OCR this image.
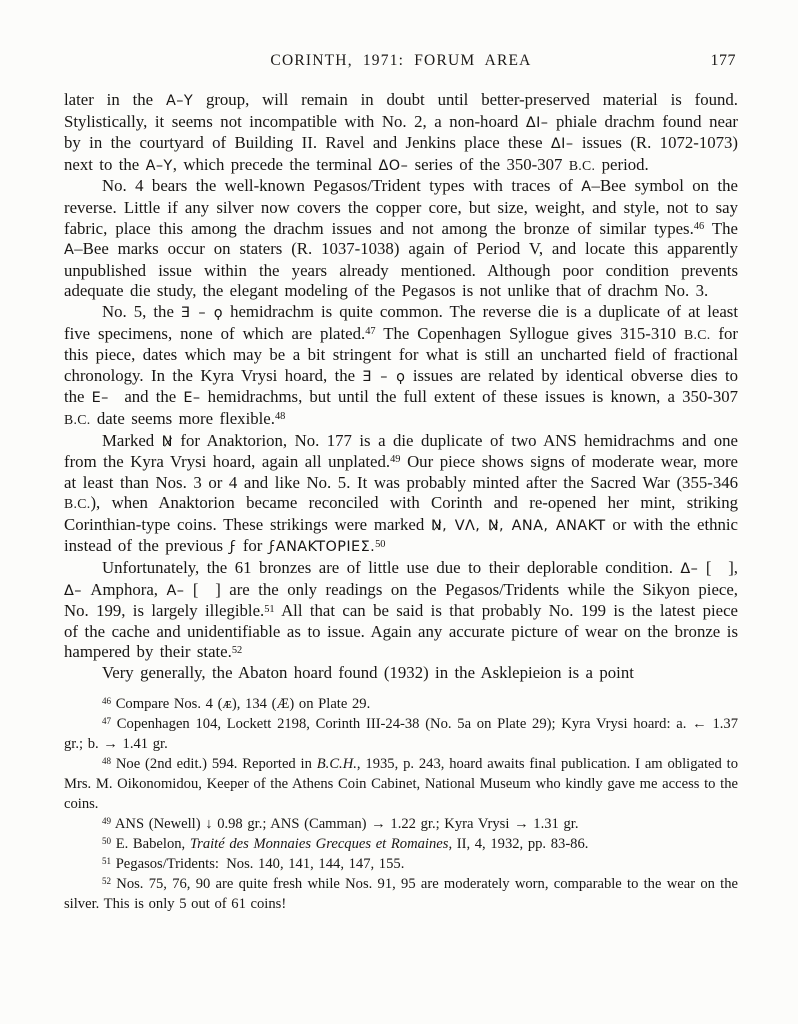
CORINTH, 1971: FORUM AREA	177

later in the A–Y group, will remain in doubt until better-preserved material is found. Stylistically, it seems not incompatible with No. 2, a non-hoard ΔΙ– phiale drachm found near by in the courtyard of Building II. Ravel and Jenkins place these ΔΙ– issues (R. 1072-1073) next to the A–Y, which precede the terminal ΔΟ– series of the 350-307 B.C. period.

No. 4 bears the well-known Pegasos/Trident types with traces of A–Bee symbol on the reverse. Little if any silver now covers the copper core, but size, weight, and style, not to say fabric, place this among the drachm issues and not among the bronze of similar types.$^{46}$ The A–Bee marks occur on staters (R. 1037-1038) again of Period V, and locate this apparently unpublished issue within the years already mentioned. Although poor condition prevents adequate die study, the elegant modeling of the Pegasos is not unlike that of drachm No. 3.

No. 5, the Ǝ – ϙ hemidrachm is quite common. The reverse die is a duplicate of at least five specimens, none of which are plated.$^{47}$ The Copenhagen Syllogue gives 315-310 B.C. for this piece, dates which may be a bit stringent for what is still an uncharted field of fractional chronology. In the Kyra Vrysi hoard, the Ǝ – ϙ issues are related by identical obverse dies to the E–  and the E– hemidrachms, but until the full extent of these issues is known, a 350-307 B.C. date seems more flexible.$^{48}$

Marked Ν̷ for Anaktorion, No. 177 is a die duplicate of two ANS hemidrachms and one from the Kyra Vrysi hoard, again all unplated.$^{49}$ Our piece shows signs of moderate wear, more at least than Nos. 3 or 4 and like No. 5. It was probably minted after the Sacred War (355-346 B.C.), when Anaktorion became reconciled with Corinth and re-opened her mint, striking Corinthian-type coins. These strikings were marked Ν̷, VΛ, Ν̷, ANA, ANAKT or with the ethnic instead of the previous ϝ for ϝANAKTOPIEΣ.$^{50}$

Unfortunately, the 61 bronzes are of little use due to their deplorable condition. Δ– [  ], Δ– Amphora, A– [  ] are the only readings on the Pegasos/Tridents while the Sikyon piece, No. 199, is largely illegible.$^{51}$ All that can be said is that probably No. 199 is the latest piece of the cache and unidentifiable as to issue. Again any accurate picture of wear on the bronze is hampered by their state.$^{52}$

Very generally, the Abaton hoard found (1932) in the Asklepieion is a point

$^{46}$ Compare Nos. 4 (ᴁ), 134 (Æ) on Plate 29.

$^{47}$ Copenhagen 104, Lockett 2198, Corinth III-24-38 (No. 5a on Plate 29); Kyra Vrysi hoard: a. ← 1.37 gr.; b. → 1.41 gr.

$^{48}$ Noe (2nd edit.) 594. Reported in B.C.H., 1935, p. 243, hoard awaits final publication. I am obligated to Mrs. M. Oikonomidou, Keeper of the Athens Coin Cabinet, National Museum who kindly gave me access to the coins.

$^{49}$ ANS (Newell) ↓ 0.98 gr.; ANS (Camman) → 1.22 gr.; Kyra Vrysi → 1.31 gr.

$^{50}$ E. Babelon, Traité des Monnaies Grecques et Romaines, II, 4, 1932, pp. 83-86.

$^{51}$ Pegasos/Tridents: Nos. 140, 141, 144, 147, 155.

$^{52}$ Nos. 75, 76, 90 are quite fresh while Nos. 91, 95 are moderately worn, comparable to the wear on the silver. This is only 5 out of 61 coins!
